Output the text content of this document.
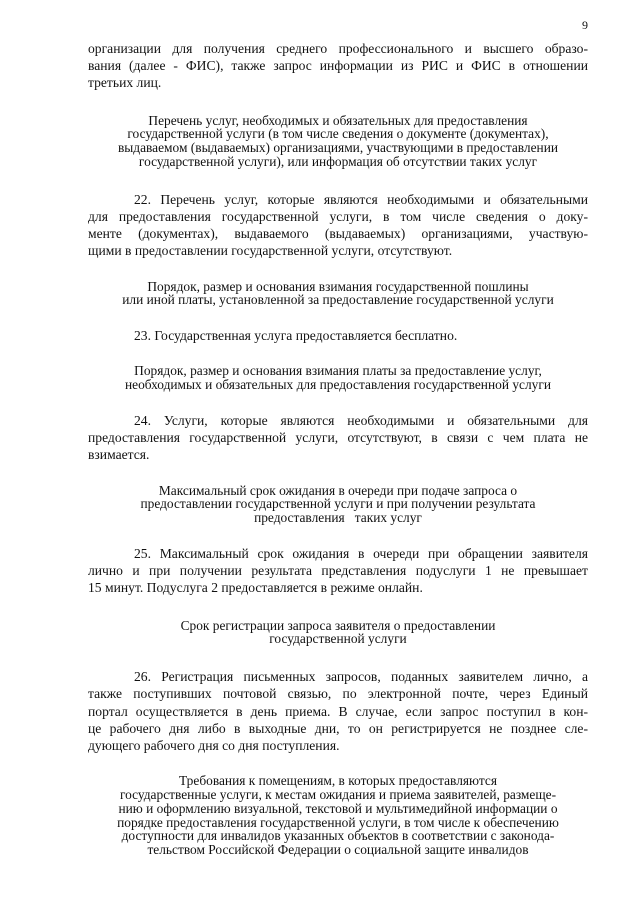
9
организации для получения среднего профессионального и высшего образо-
вания (далее - ФИС), также запрос информации из РИС и ФИС в отношении
третьих лиц.
Перечень услуг, необходимых и обязательных для предоставления
государственной услуги (в том числе сведения о документе (документах),
выдаваемом (выдаваемых) организациями, участвующими в предоставлении
государственной услуги), или информация об отсутствии таких услуг
22. Перечень услуг, которые являются необходимыми и обязательными
для предоставления государственной услуги, в том числе сведения о доку-
менте (документах), выдаваемого (выдаваемых) организациями, участвую-
щими в предоставлении государственной услуги, отсутствуют.
Порядок, размер и основания взимания государственной пошлины
или иной платы, установленной за предоставление государственной услуги
23. Государственная услуга предоставляется бесплатно.
Порядок, размер и основания взимания платы за предоставление услуг,
необходимых и обязательных для предоставления государственной услуги
24. Услуги, которые являются необходимыми и обязательными для
предоставления государственной услуги, отсутствуют, в связи с чем плата не
взимается.
Максимальный срок ожидания в очереди при подаче запроса о
предоставлении государственной услуги и при получении результата
предоставления   таких услуг
25. Максимальный срок ожидания в очереди при обращении заявителя
лично и при получении результата представления подуслуги 1 не превышает
15 минут. Подуслуга 2 предоставляется в режиме онлайн.
Срок регистрации запроса заявителя о предоставлении
государственной услуги
26. Регистрация письменных запросов, поданных заявителем лично, а
также поступивших почтовой связью, по электронной почте, через Единый
портал осуществляется в день приема. В случае, если запрос поступил в кон-
це рабочего дня либо в выходные дни, то он регистрируется не позднее сле-
дующего рабочего дня со дня поступления.
Требования к помещениям, в которых предоставляются
государственные услуги, к местам ожидания и приема заявителей, размеще-
нию и оформлению визуальной, текстовой и мультимедийной информации о
порядке предоставления государственной услуги, в том числе к обеспечению
доступности для инвалидов указанных объектов в соответствии с законода-
тельством Российской Федерации о социальной защите инвалидов
